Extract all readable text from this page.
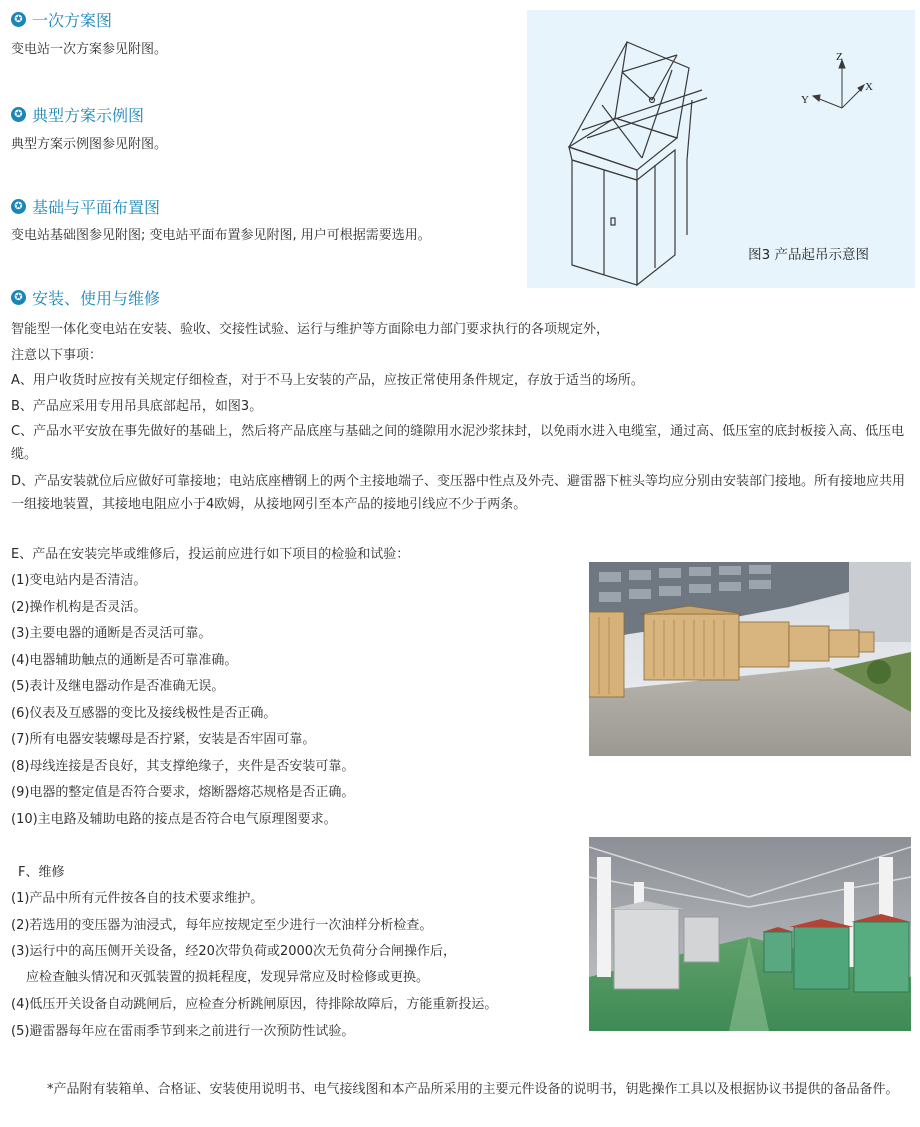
✪ 一次方案图
变电站一次方案参见附图。
✪ 典型方案示例图
典型方案示例图参见附图。
✪ 基础与平面布置图
变电站基础图参见附图; 变电站平面布置参见附图, 用户可根据需要选用。
Z
X
Y
图3 产品起吊示意图
✪ 安装、使用与维修
智能型一体化变电站在安装、验收、交接性试验、运行与维护等方面除电力部门要求执行的各项规定外，
注意以下事项：
A、用户收货时应按有关规定仔细检查，对于不马上安装的产品，应按正常使用条件规定，存放于适当的场所。
B、产品应采用专用吊具底部起吊，如图3。
C、产品水平安放在事先做好的基础上，然后将产品底座与基础之间的缝隙用水泥沙浆抹封，以免雨水进入电缆室，通过高、低压室的底封板接入高、低压电缆。
D、产品安装就位后应做好可靠接地；电站底座槽钢上的两个主接地端子、变压器中性点及外壳、避雷器下桩头等均应分别由安装部门接地。所有接地应共用一组接地装置，其接地电阻应小于4欧姆，从接地网引至本产品的接地引线应不少于两条。
E、产品在安装完毕或维修后，投运前应进行如下项目的检验和试验：
(1)变电站内是否清洁。
(2)操作机构是否灵活。
(3)主要电器的通断是否灵活可靠。
(4)电器辅助触点的通断是否可靠准确。
(5)表计及继电器动作是否准确无误。
(6)仪表及互感器的变比及接线极性是否正确。
(7)所有电器安装螺母是否拧紧，安装是否牢固可靠。
(8)母线连接是否良好，其支撑绝缘子，夹件是否安装可靠。
(9)电器的整定值是否符合要求，熔断器熔芯规格是否正确。
(10)主电路及辅助电路的接点是否符合电气原理图要求。
F、维修
(1)产品中所有元件按各自的技术要求维护。
(2)若选用的变压器为油浸式，每年应按规定至少进行一次油样分析检查。
(3)运行中的高压侧开关设备，经20次带负荷或2000次无负荷分合闸操作后，
应检查触头情况和灭弧装置的损耗程度，发现异常应及时检修或更换。
(4)低压开关设备自动跳闸后，应检查分析跳闸原因，待排除故障后，方能重新投运。
(5)避雷器每年应在雷雨季节到来之前进行一次预防性试验。
*产品附有装箱单、合格证、安装使用说明书、电气接线图和本产品所采用的主要元件设备的说明书，钥匙操作工具以及根据协议书提供的备品备件。
